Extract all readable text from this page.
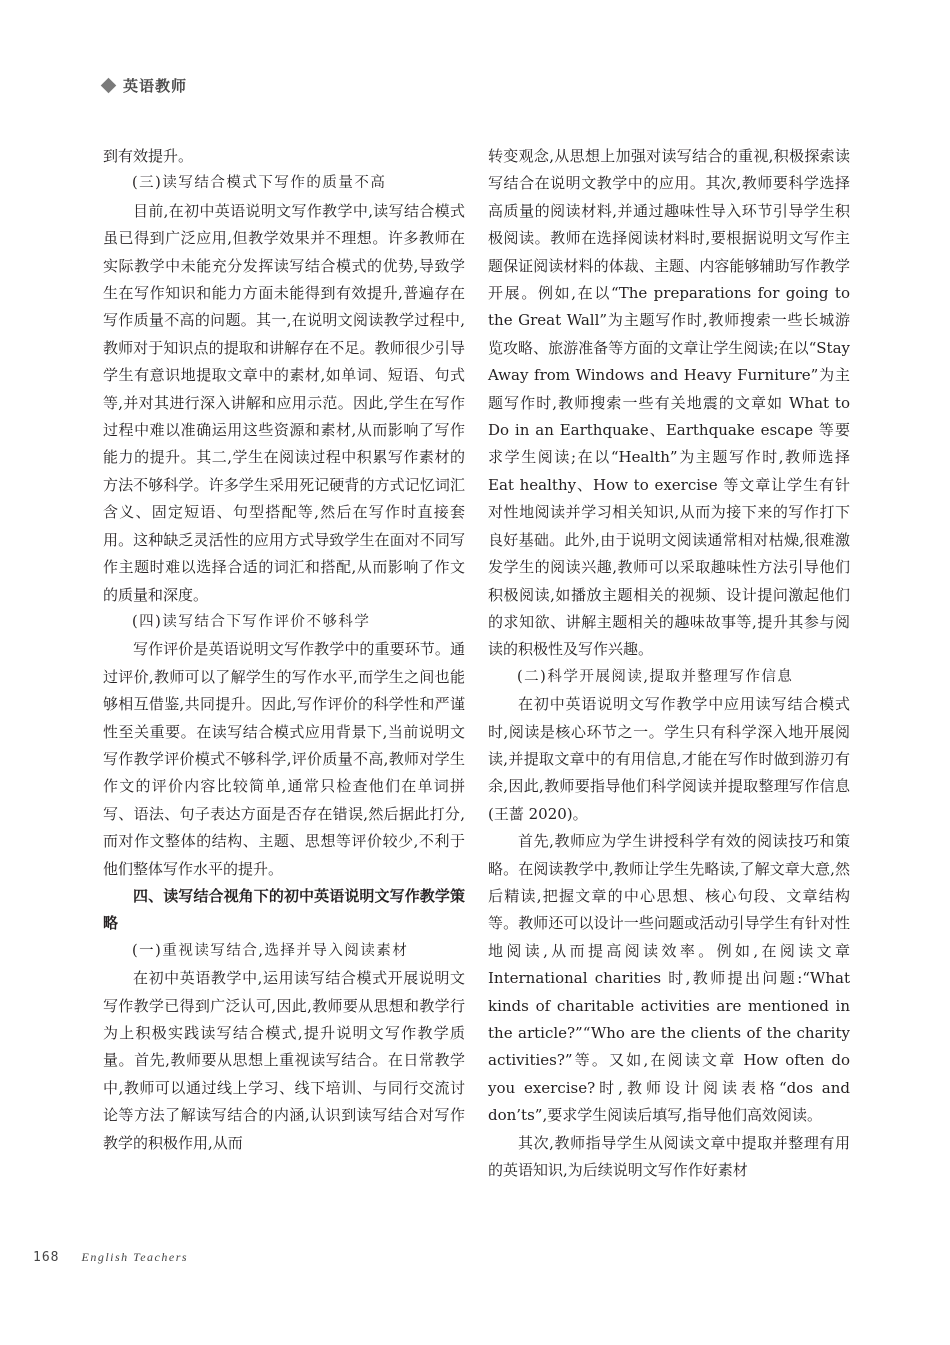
英语教师

到有效提升。

(三)读写结合模式下写作的质量不高

目前,在初中英语说明文写作教学中,读写结合模式虽已得到广泛应用,但教学效果并不理想。许多教师在实际教学中未能充分发挥读写结合模式的优势,导致学生在写作知识和能力方面未能得到有效提升,普遍存在写作质量不高的问题。其一,在说明文阅读教学过程中,教师对于知识点的提取和讲解存在不足。教师很少引导学生有意识地提取文章中的素材,如单词、短语、句式等,并对其进行深入讲解和应用示范。因此,学生在写作过程中难以准确运用这些资源和素材,从而影响了写作能力的提升。其二,学生在阅读过程中积累写作素材的方法不够科学。许多学生采用死记硬背的方式记忆词汇含义、固定短语、句型搭配等,然后在写作时直接套用。这种缺乏灵活性的应用方式导致学生在面对不同写作主题时难以选择合适的词汇和搭配,从而影响了作文的质量和深度。

(四)读写结合下写作评价不够科学

写作评价是英语说明文写作教学中的重要环节。通过评价,教师可以了解学生的写作水平,而学生之间也能够相互借鉴,共同提升。因此,写作评价的科学性和严谨性至关重要。在读写结合模式应用背景下,当前说明文写作教学评价模式不够科学,评价质量不高,教师对学生作文的评价内容比较简单,通常只检查他们在单词拼写、语法、句子表达方面是否存在错误,然后据此打分,而对作文整体的结构、主题、思想等评价较少,不利于他们整体写作水平的提升。

四、读写结合视角下的初中英语说明文写作教学策略

(一)重视读写结合,选择并导入阅读素材

在初中英语教学中,运用读写结合模式开展说明文写作教学已得到广泛认可,因此,教师要从思想和教学行为上积极实践读写结合模式,提升说明文写作教学质量。首先,教师要从思想上重视读写结合。在日常教学中,教师可以通过线上学习、线下培训、与同行交流讨论等方法了解读写结合的内涵,认识到读写结合对写作教学的积极作用,从而

转变观念,从思想上加强对读写结合的重视,积极探索读写结合在说明文教学中的应用。其次,教师要科学选择高质量的阅读材料,并通过趣味性导入环节引导学生积极阅读。教师在选择阅读材料时,要根据说明文写作主题保证阅读材料的体裁、主题、内容能够辅助写作教学开展。例如,在以“The preparations for going to the Great Wall”为主题写作时,教师搜索一些长城游览攻略、旅游准备等方面的文章让学生阅读;在以“Stay Away from Windows and Heavy Furniture”为主题写作时,教师搜索一些有关地震的文章如 What to Do in an Earthquake、Earthquake escape 等要求学生阅读;在以“Health”为主题写作时,教师选择 Eat healthy、How to exercise 等文章让学生有针对性地阅读并学习相关知识,从而为接下来的写作打下良好基础。此外,由于说明文阅读通常相对枯燥,很难激发学生的阅读兴趣,教师可以采取趣味性方法引导他们积极阅读,如播放主题相关的视频、设计提问激起他们的求知欲、讲解主题相关的趣味故事等,提升其参与阅读的积极性及写作兴趣。

(二)科学开展阅读,提取并整理写作信息

在初中英语说明文写作教学中应用读写结合模式时,阅读是核心环节之一。学生只有科学深入地开展阅读,并提取文章中的有用信息,才能在写作时做到游刃有余,因此,教师要指导他们科学阅读并提取整理写作信息(王蔷 2020)。

首先,教师应为学生讲授科学有效的阅读技巧和策略。在阅读教学中,教师让学生先略读,了解文章大意,然后精读,把握文章的中心思想、核心句段、文章结构等。教师还可以设计一些问题或活动引导学生有针对性地阅读,从而提高阅读效率。例如,在阅读文章 International charities 时,教师提出问题:“What kinds of charitable activities are mentioned in the article?”“Who are the clients of the charity activities?”等。又如,在阅读文章 How often do you exercise?时,教师设计阅读表格“dos and don’ts”,要求学生阅读后填写,指导他们高效阅读。

其次,教师指导学生从阅读文章中提取并整理有用的英语知识,为后续说明文写作作好素材

168 English Teachers
